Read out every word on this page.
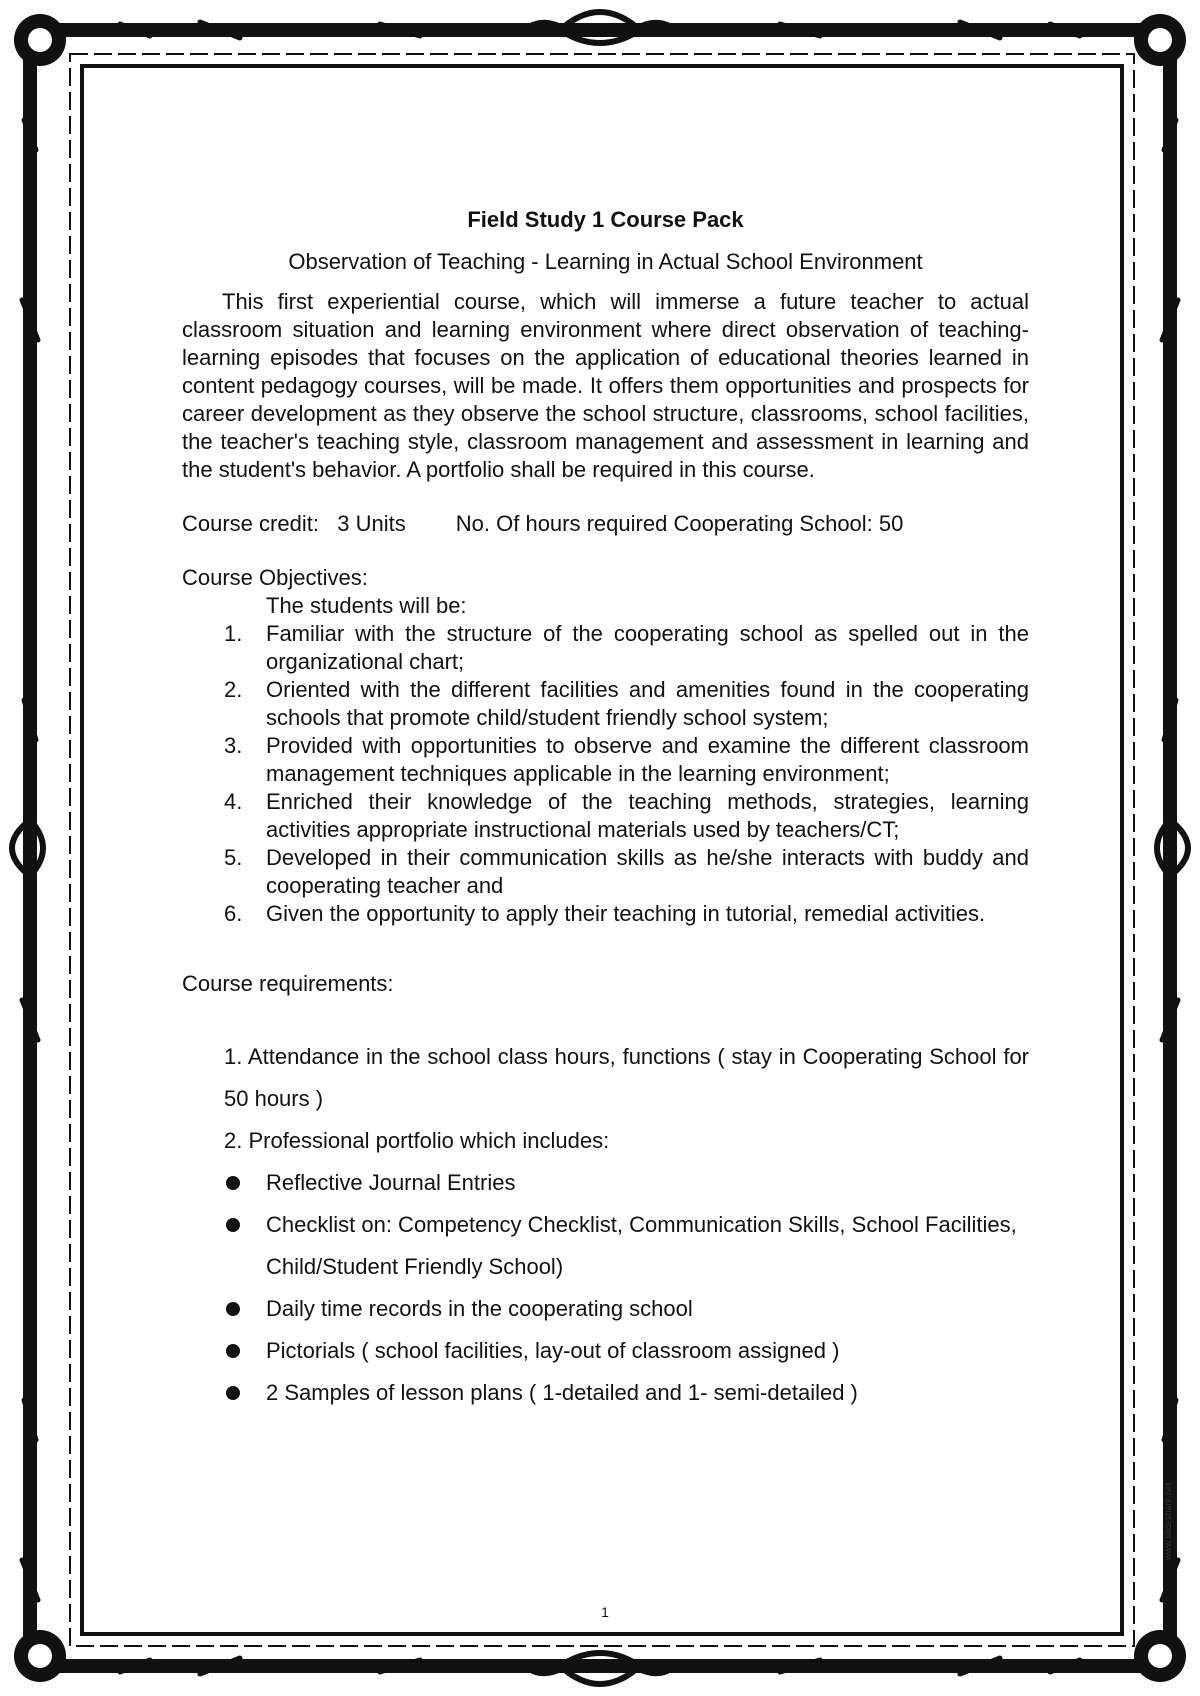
Field Study 1 Course Pack

Observation of Teaching - Learning in Actual School Environment

This first experiential course, which will immerse a future teacher to actual classroom situation and learning environment where direct observation of teaching-learning episodes that focuses on the application of educational theories learned in content pedagogy courses, will be made. It offers them opportunities and prospects for career development as they observe the school structure, classrooms, school facilities, the teacher's teaching style, classroom management and assessment in learning and the student's behavior. A portfolio shall be required in this course.

Course credit: 3 Units No. Of hours required Cooperating School: 50

Course Objectives:

The students will be:

1. Familiar with the structure of the cooperating school as spelled out in the organizational chart;
2. Oriented with the different facilities and amenities found in the cooperating schools that promote child/student friendly school system;
3. Provided with opportunities to observe and examine the different classroom management techniques applicable in the learning environment;
4. Enriched their knowledge of the teaching methods, strategies, learning activities appropriate instructional materials used by teachers/CT;
5. Developed in their communication skills as he/she interacts with buddy and cooperating teacher and
6. Given the opportunity to apply their teaching in tutorial, remedial activities.

Course requirements:

1. Attendance in the school class hours, functions ( stay in Cooperating School for 50 hours )

2. Professional portfolio which includes:

Reflective Journal Entries
Checklist on: Competency Checklist, Communication Skills, School Facilities, Child/Student Friendly School)
Daily time records in the cooperating school
Pictorials ( school facilities, lay-out of classroom assigned )
2 Samples of lesson plans ( 1-detailed and 1- semi-detailed )
1
www.slideshare.net
